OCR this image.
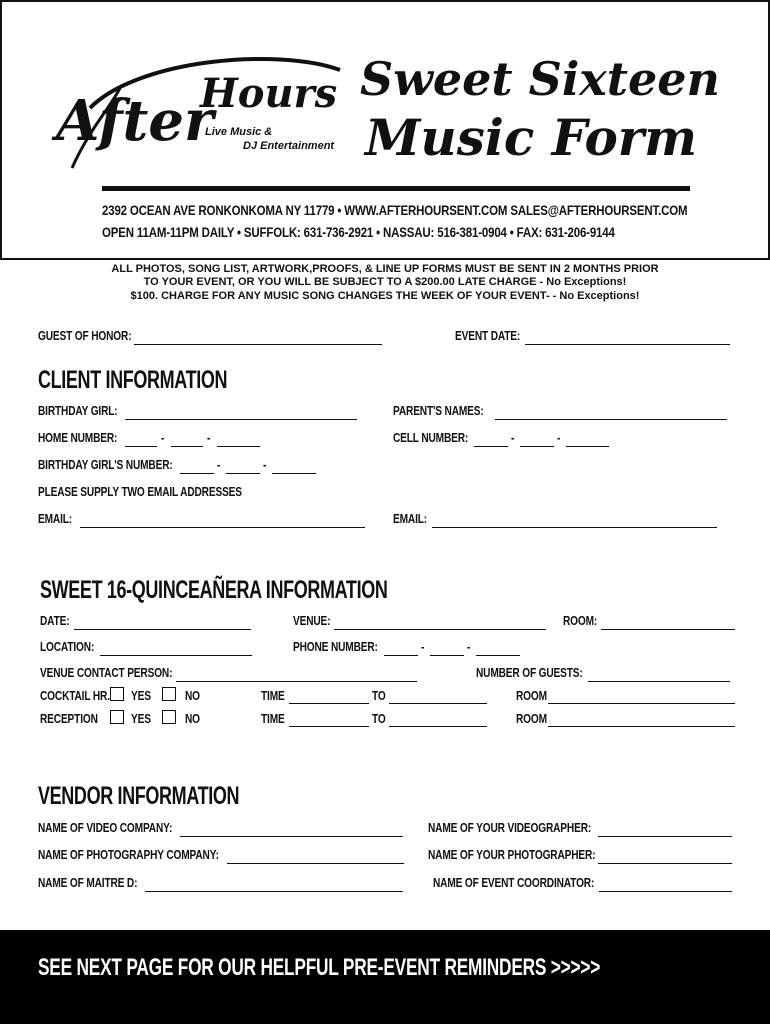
After
Hours
Live Music &
DJ Entertainment
Sweet Sixteen
Music Form
2392 OCEAN AVE RONKONKOMA NY 11779 • WWW.AFTERHOURSENT.COM SALES@AFTERHOURSENT.COM
OPEN 11AM-11PM DAILY • SUFFOLK: 631-736-2921 • NASSAU: 516-381-0904 • FAX: 631-206-9144
ALL PHOTOS, SONG LIST, ARTWORK,PROOFS, & LINE UP FORMS MUST BE SENT IN 2 MONTHS PRIOR
TO YOUR EVENT, OR YOU WILL BE SUBJECT TO A $200.00 LATE CHARGE - No Exceptions!
$100. CHARGE FOR ANY MUSIC SONG CHANGES THE WEEK OF YOUR EVENT- - No Exceptions!
GUEST OF HONOR:	EVENT DATE:
CLIENT INFORMATION
BIRTHDAY GIRL:	PARENT'S NAMES:
HOME NUMBER:	-	-	CELL NUMBER:	-	-
BIRTHDAY GIRL'S NUMBER:	-	-
PLEASE SUPPLY TWO EMAIL ADDRESSES
EMAIL:	EMAIL:
SWEET 16-QUINCEAÑERA INFORMATION
DATE:	VENUE:	ROOM:
LOCATION:	PHONE NUMBER:	-	-
VENUE CONTACT PERSON:	NUMBER OF GUESTS:
COCKTAIL HR. YES	NO	TIME	TO	ROOM
RECEPTION	YES	NO	TIME	TO	ROOM
VENDOR INFORMATION
NAME OF VIDEO COMPANY:	NAME OF YOUR VIDEOGRAPHER:
NAME OF PHOTOGRAPHY COMPANY:	NAME OF YOUR PHOTOGRAPHER:
NAME OF MAITRE D:	NAME OF EVENT COORDINATOR:
SEE NEXT PAGE FOR OUR HELPFUL PRE-EVENT REMINDERS >>>>>
